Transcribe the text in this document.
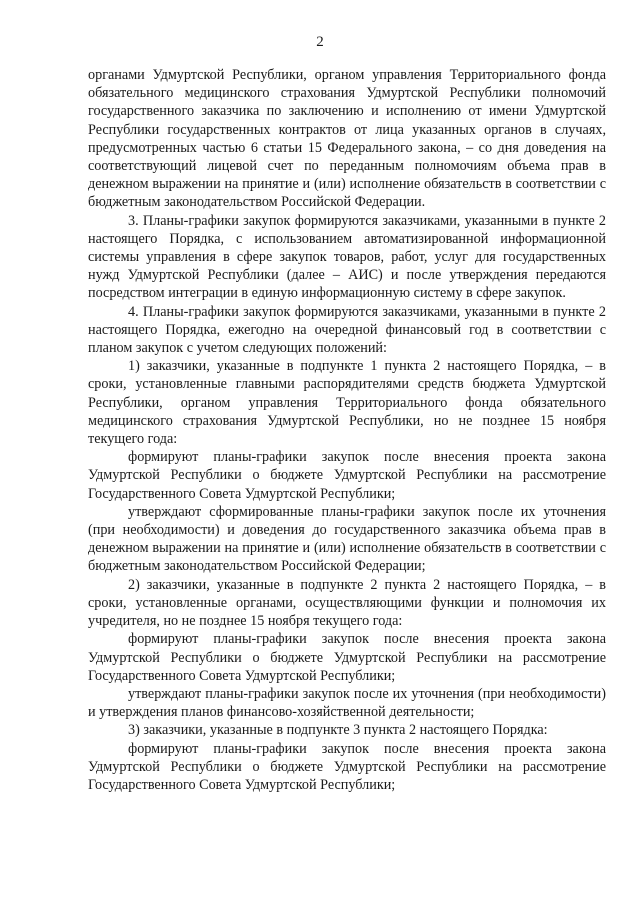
2

органами Удмуртской Республики, органом управления Территориального фонда обязательного медицинского страхования Удмуртской Республики полномочий государственного заказчика по заключению и исполнению от имени Удмуртской Республики государственных контрактов от лица указанных органов в случаях, предусмотренных частью 6 статьи 15 Федерального закона, – со дня доведения на соответствующий лицевой счет по переданным полномочиям объема прав в денежном выражении на принятие и (или) исполнение обязательств в соответствии с бюджетным законодательством Российской Федерации.

3. Планы-графики закупок формируются заказчиками, указанными в пункте 2 настоящего Порядка, с использованием автоматизированной информационной системы управления в сфере закупок товаров, работ, услуг для государственных нужд Удмуртской Республики (далее – АИС) и после утверждения передаются посредством интеграции в единую информационную систему в сфере закупок.

4. Планы-графики закупок формируются заказчиками, указанными в пункте 2 настоящего Порядка, ежегодно на очередной финансовый год в соответствии с планом закупок с учетом следующих положений:

1) заказчики, указанные в подпункте 1 пункта 2 настоящего Порядка, – в сроки, установленные главными распорядителями средств бюджета Удмуртской Республики, органом управления Территориального фонда обязательного медицинского страхования Удмуртской Республики, но не позднее 15 ноября текущего года:

формируют планы-графики закупок после внесения проекта закона Удмуртской Республики о бюджете Удмуртской Республики на рассмотрение Государственного Совета Удмуртской Республики;

утверждают сформированные планы-графики закупок после их уточнения (при необходимости) и доведения до государственного заказчика объема прав в денежном выражении на принятие и (или) исполнение обязательств в соответствии с бюджетным законодательством Российской Федерации;

2) заказчики, указанные в подпункте 2 пункта 2 настоящего Порядка, – в сроки, установленные органами, осуществляющими функции и полномочия их учредителя, но не позднее 15 ноября текущего года:

формируют планы-графики закупок после внесения проекта закона Удмуртской Республики о бюджете Удмуртской Республики на рассмотрение Государственного Совета Удмуртской Республики;

утверждают планы-графики закупок после их уточнения (при необходимости) и утверждения планов финансово-хозяйственной деятельности;

3) заказчики, указанные в подпункте 3 пункта 2 настоящего Порядка:

формируют планы-графики закупок после внесения проекта закона Удмуртской Республики о бюджете Удмуртской Республики на рассмотрение Государственного Совета Удмуртской Республики;
